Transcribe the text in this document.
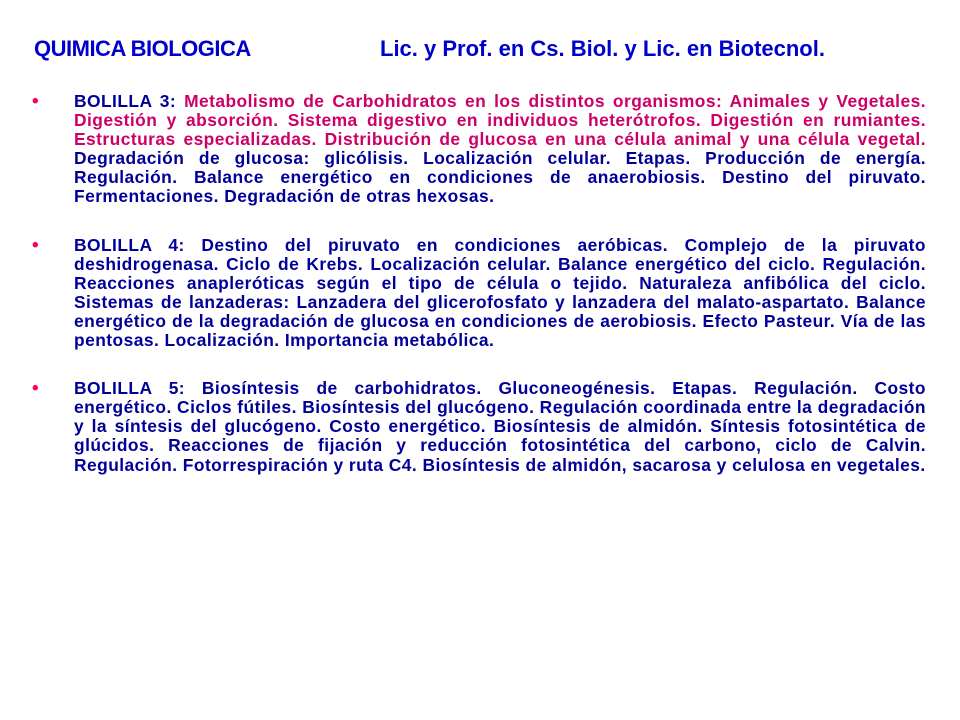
QUIMICA BIOLOGICA	Lic. y Prof. en Cs. Biol. y Lic. en Biotecnol.
•	BOLILLA 3: Metabolismo de Carbohidratos en los distintos organismos: Animales y Vegetales. Digestión y absorción. Sistema digestivo en individuos heterótrofos. Digestión en rumiantes. Estructuras especializadas. Distribución de glucosa en una célula animal y una célula vegetal. Degradación de glucosa: glicólisis. Localización celular. Etapas. Producción de energía. Regulación. Balance energético en condiciones de anaerobiosis. Destino del piruvato. Fermentaciones. Degradación de otras hexosas.
•	BOLILLA 4: Destino del piruvato en condiciones aeróbicas. Complejo de la piruvato deshidrogenasa. Ciclo de Krebs. Localización celular. Balance energético del ciclo. Regulación. Reacciones anapleróticas según el tipo de célula o tejido. Naturaleza anfibólica del ciclo. Sistemas de lanzaderas: Lanzadera del glicerofosfato y lanzadera del malato-aspartato. Balance energético de la degradación de glucosa en condiciones de aerobiosis. Efecto Pasteur. Vía de las pentosas. Localización. Importancia metabólica.
•	BOLILLA 5: Biosíntesis de carbohidratos. Gluconeogénesis. Etapas. Regulación. Costo energético. Ciclos fútiles. Biosíntesis del glucógeno. Regulación coordinada entre la degradación y la síntesis del glucógeno. Costo energético. Biosíntesis de almidón. Síntesis fotosintética de glúcidos. Reacciones de fijación y reducción fotosintética del carbono, ciclo de Calvin. Regulación. Fotorrespiración y ruta C4. Biosíntesis de almidón, sacarosa y celulosa en vegetales.
